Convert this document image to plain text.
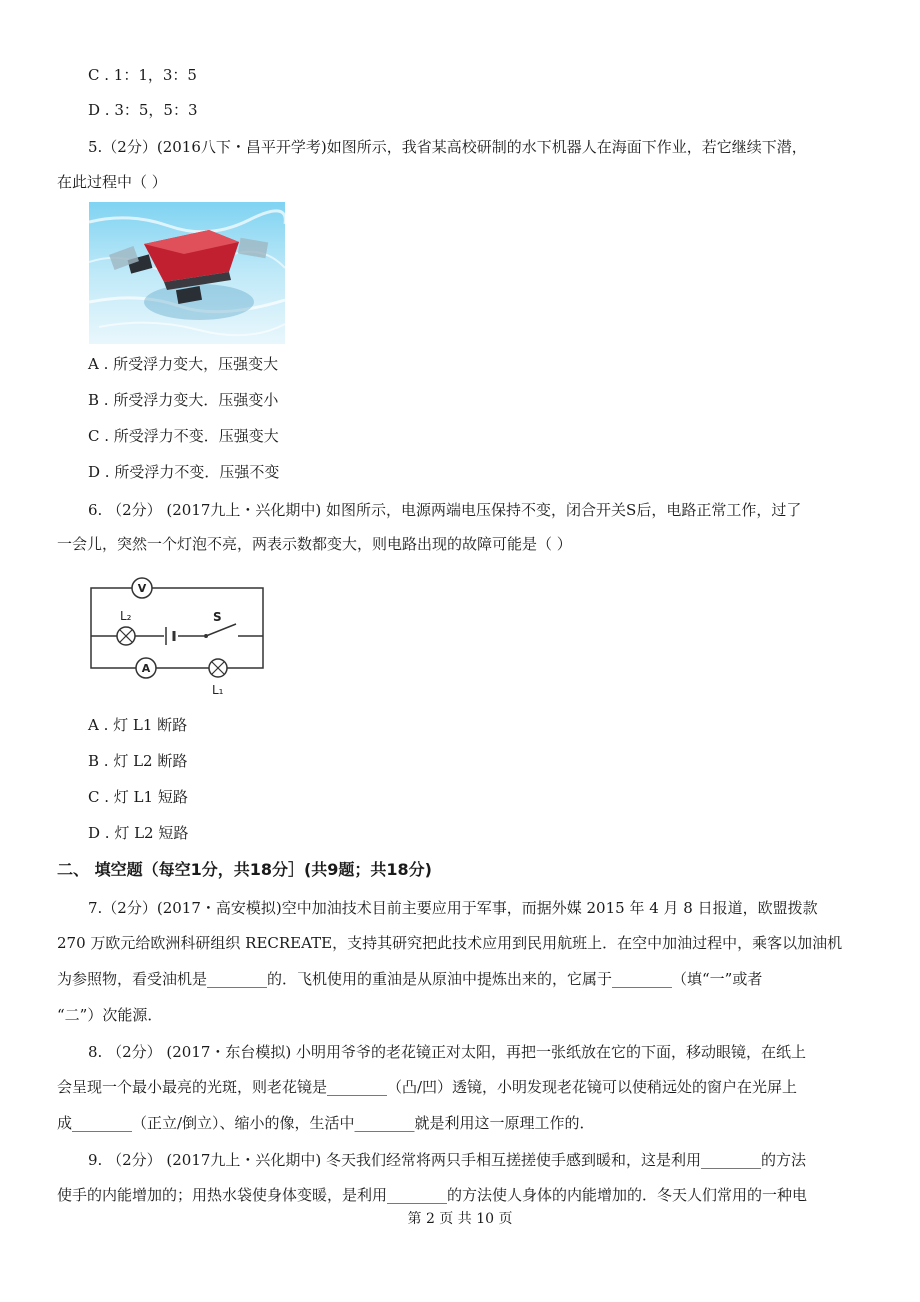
C . 1：1，3：5
D . 3：5，5：3
5.（2分）(2016八下・昌平开学考)如图所示，我省某高校研制的水下机器人在海面下作业，若它继续下潜，
在此过程中（ ）
A . 所受浮力变大，压强变大
B . 所受浮力变大．压强变小
C . 所受浮力不变．压强变大
D . 所受浮力不变．压强不变
6. （2分） (2017九上・兴化期中) 如图所示，电源两端电压保持不变，闭合开关S后，电路正常工作，过了
一会儿，突然一个灯泡不亮，两表示数都变大，则电路出现的故障可能是（ ）
V
L₂	S
A
L₁
A . 灯 L1 断路
B . 灯 L2 断路
C . 灯 L1 短路
D . 灯 L2 短路
二、 填空题（每空1分，共18分］(共9题；共18分)
7.（2分）(2017・高安模拟)空中加油技术目前主要应用于军事，而据外媒 2015 年 4 月 8 日报道，欧盟拨款
270 万欧元给欧洲科研组织 RECREATE，支持其研究把此技术应用到民用航班上．在空中加油过程中，乘客以加油机
为参照物，看受油机是________的．飞机使用的重油是从原油中提炼出来的，它属于________（填“一”或者
“二”）次能源．
8. （2分） (2017・东台模拟) 小明用爷爷的老花镜正对太阳，再把一张纸放在它的下面，移动眼镜，在纸上
会呈现一个最小最亮的光斑，则老花镜是________（凸/凹）透镜，小明发现老花镜可以使稍远处的窗户在光屏上
成________（正立/倒立）、缩小的像，生活中________就是利用这一原理工作的．
9. （2分） (2017九上・兴化期中) 冬天我们经常将两只手相互搓搓使手感到暖和，这是利用________的方法
使手的内能增加的；用热水袋使身体变暖，是利用________的方法使人身体的内能增加的．冬天人们常用的一种电
第 2 页 共 10 页
